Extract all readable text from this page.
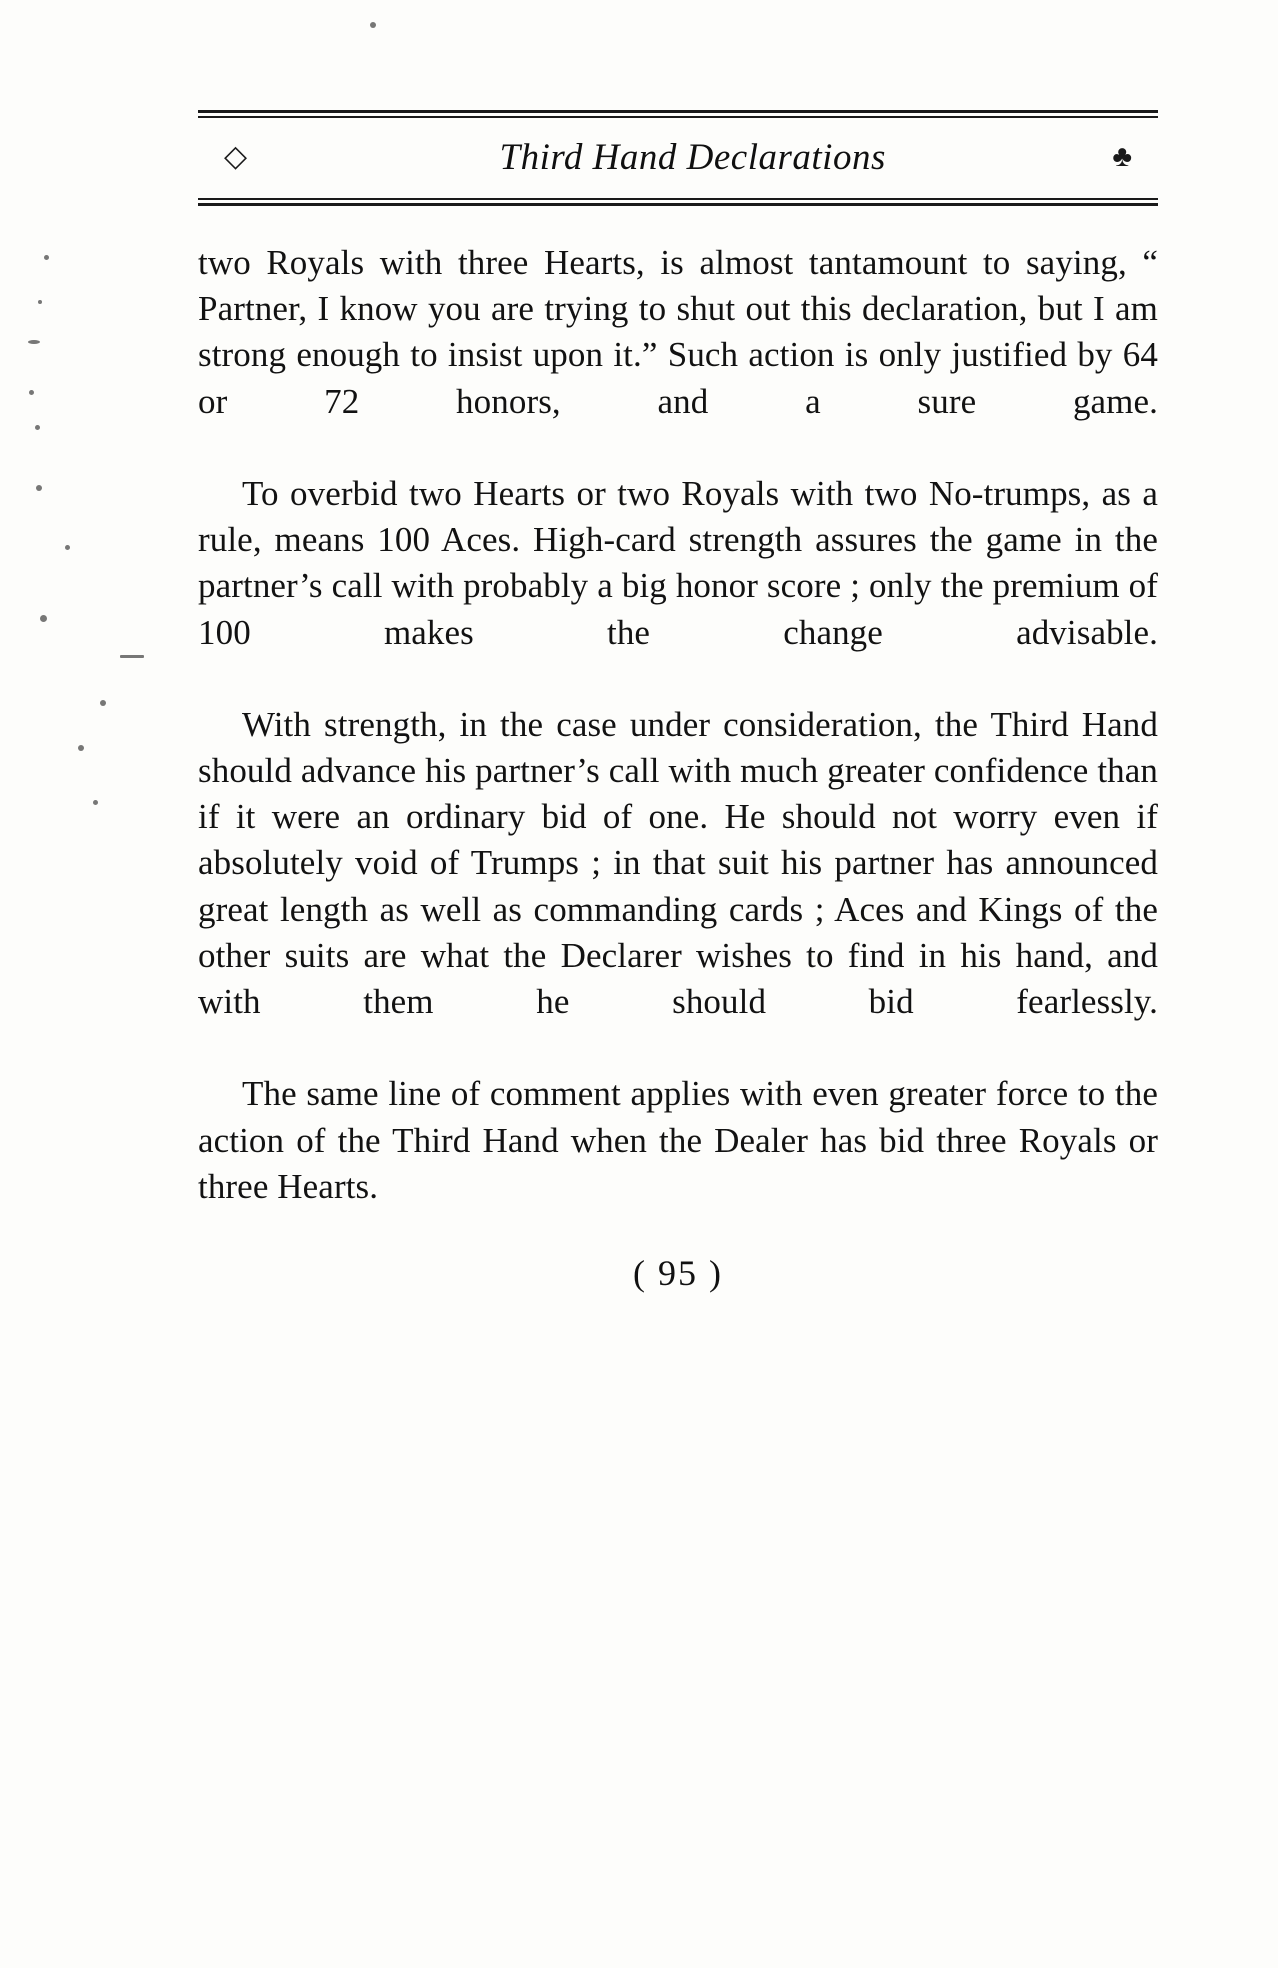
◇	Third Hand Declarations	♣

two Royals with three Hearts, is almost tantamount to saying, “ Partner, I know you are trying to shut out this declaration, but I am strong enough to insist upon it.” Such action is only justified by 64 or 72 honors, and a sure game.

To overbid two Hearts or two Royals with two No-trumps, as a rule, means 100 Aces. High-card strength assures the game in the partner’s call with probably a big honor score ; only the premium of 100 makes the change advisable.

With strength, in the case under consideration, the Third Hand should advance his partner’s call with much greater confidence than if it were an ordinary bid of one. He should not worry even if absolutely void of Trumps ; in that suit his partner has announced great length as well as commanding cards ; Aces and Kings of the other suits are what the Declarer wishes to find in his hand, and with them he should bid fearlessly.

The same line of comment applies with even greater force to the action of the Third Hand when the Dealer has bid three Royals or three Hearts.

( 95 )
